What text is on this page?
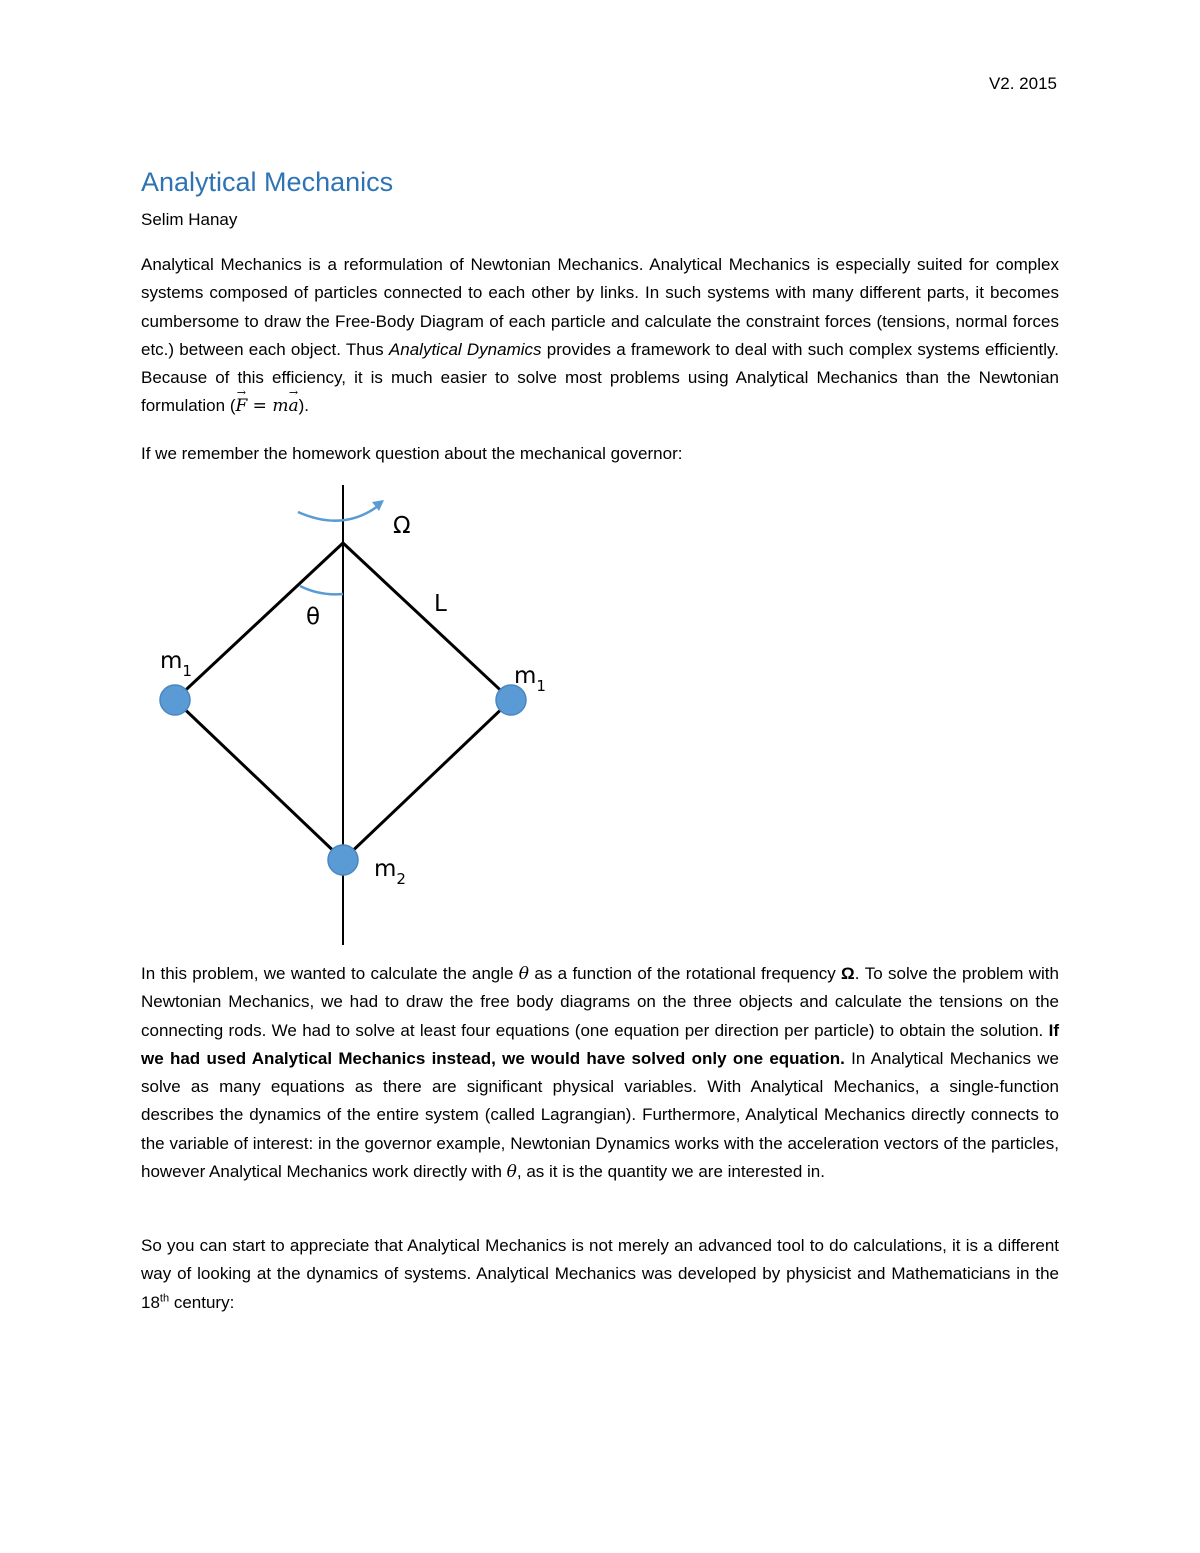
V2. 2015
Analytical Mechanics
Selim Hanay

Analytical Mechanics is a reformulation of Newtonian Mechanics. Analytical Mechanics is especially suited for complex systems composed of particles connected to each other by links. In such systems with many different parts, it becomes cumbersome to draw the Free-Body Diagram of each particle and calculate the constraint forces (tensions, normal forces etc.) between each object. Thus Analytical Dynamics provides a framework to deal with such complex systems efficiently. Because of this efficiency, it is much easier to solve most problems using Analytical Mechanics than the Newtonian formulation (→ F = m→ a).

If we remember the homework question about the mechanical governor:

Ω
θ	L
$m_1$	$m_1$
$m_2$

In this problem, we wanted to calculate the angle θ as a function of the rotational frequency Ω. To solve the problem with Newtonian Mechanics, we had to draw the free body diagrams on the three objects and calculate the tensions on the connecting rods. We had to solve at least four equations (one equation per direction per particle) to obtain the solution. If we had used Analytical Mechanics instead, we would have solved only one equation. In Analytical Mechanics we solve as many equations as there are significant physical variables. With Analytical Mechanics, a single-function describes the dynamics of the entire system (called Lagrangian). Furthermore, Analytical Mechanics directly connects to the variable of interest: in the governor example, Newtonian Dynamics works with the acceleration vectors of the particles, however Analytical Mechanics work directly with θ, as it is the quantity we are interested in.

So you can start to appreciate that Analytical Mechanics is not merely an advanced tool to do calculations, it is a different way of looking at the dynamics of systems. Analytical Mechanics was developed by physicist and Mathematicians in the 18th century:
